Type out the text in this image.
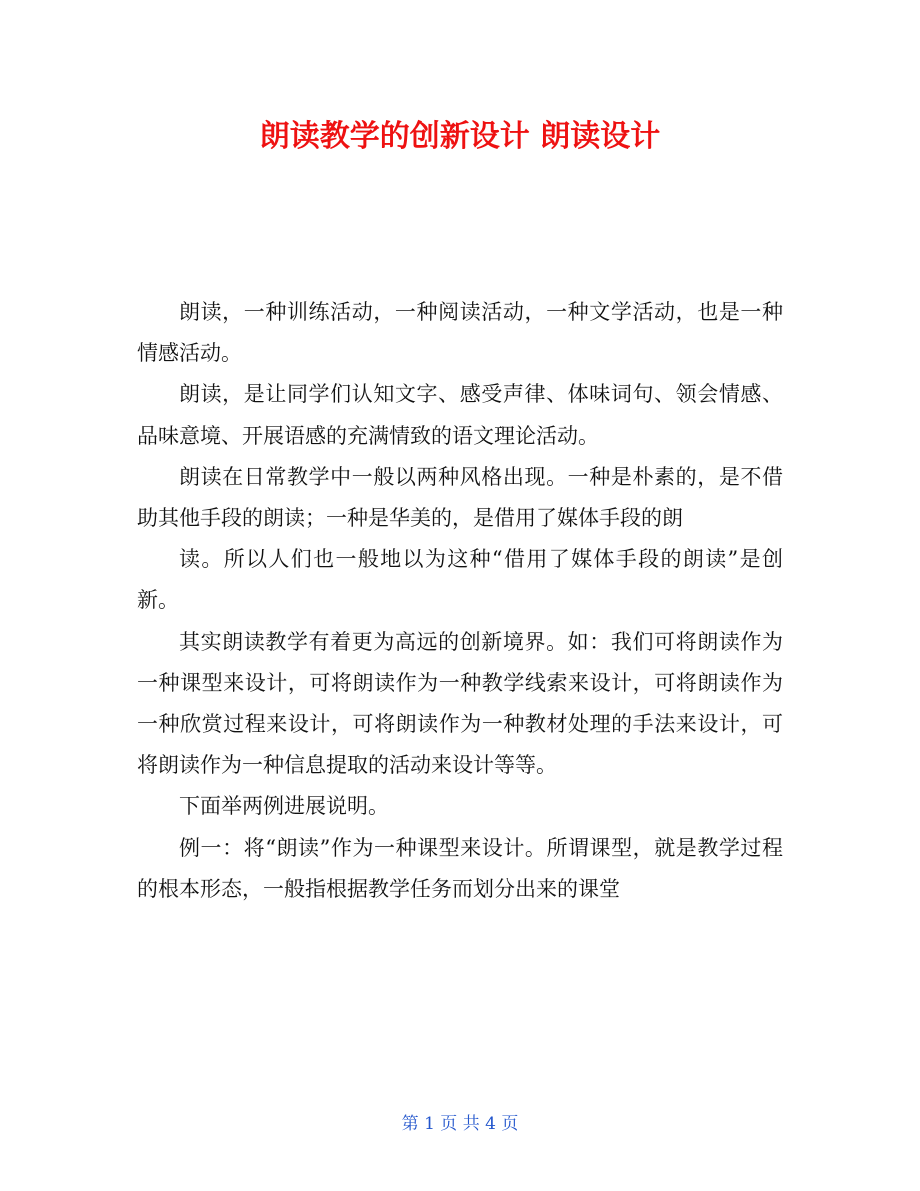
朗读教学的创新设计 朗读设计

朗读，一种训练活动，一种阅读活动，一种文学活动，也是一种情感活动。

朗读，是让同学们认知文字、感受声律、体味词句、领会情感、品味意境、开展语感的充满情致的语文理论活动。

朗读在日常教学中一般以两种风格出现。一种是朴素的，是不借助其他手段的朗读；一种是华美的，是借用了媒体手段的朗

读。所以人们也一般地以为这种“借用了媒体手段的朗读”是创新。

其实朗读教学有着更为高远的创新境界。如：我们可将朗读作为一种课型来设计，可将朗读作为一种教学线索来设计，可将朗读作为一种欣赏过程来设计，可将朗读作为一种教材处理的手法来设计，可将朗读作为一种信息提取的活动来设计等等。

下面举两例进展说明。

例一：将“朗读”作为一种课型来设计。所谓课型，就是教学过程的根本形态，一般指根据教学任务而划分出来的课堂

第 1 页 共 4 页
